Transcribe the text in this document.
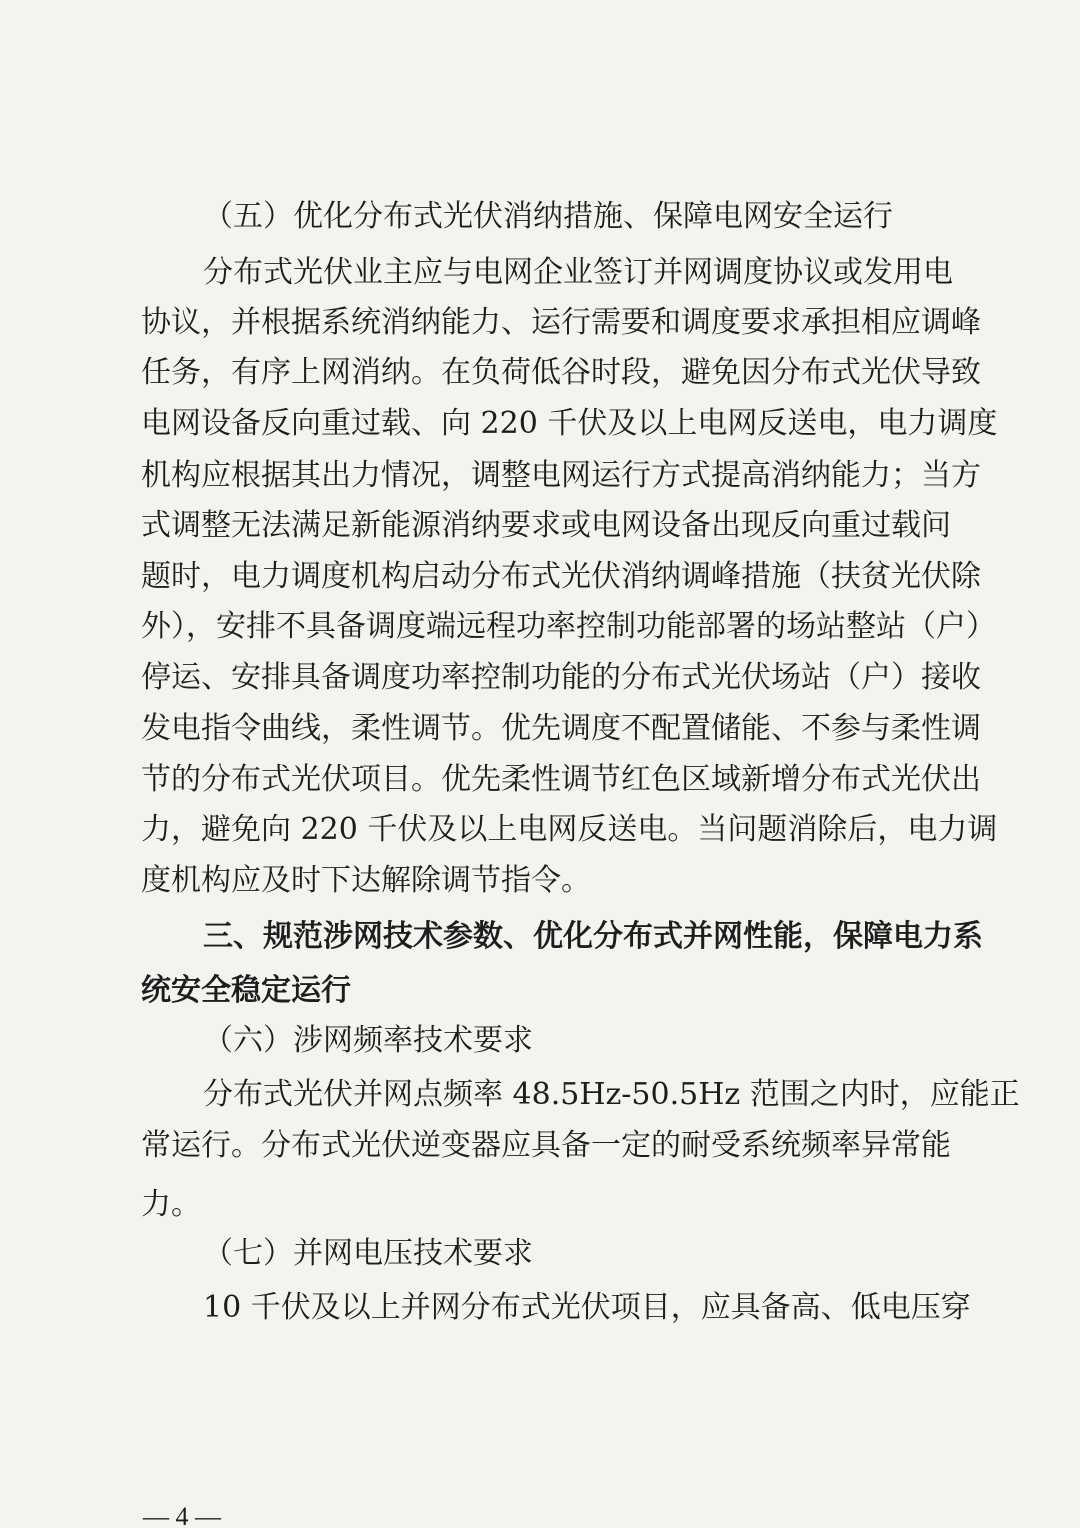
（五）优化分布式光伏消纳措施、保障电网安全运行
分布式光伏业主应与电网企业签订并网调度协议或发用电
协议，并根据系统消纳能力、运行需要和调度要求承担相应调峰
任务，有序上网消纳。在负荷低谷时段，避免因分布式光伏导致
电网设备反向重过载、向 220 千伏及以上电网反送电，电力调度
机构应根据其出力情况，调整电网运行方式提高消纳能力；当方
式调整无法满足新能源消纳要求或电网设备出现反向重过载问
题时，电力调度机构启动分布式光伏消纳调峰措施（扶贫光伏除
外），安排不具备调度端远程功率控制功能部署的场站整站（户）
停运、安排具备调度功率控制功能的分布式光伏场站（户）接收
发电指令曲线，柔性调节。优先调度不配置储能、不参与柔性调
节的分布式光伏项目。优先柔性调节红色区域新增分布式光伏出
力，避免向 220 千伏及以上电网反送电。当问题消除后，电力调
度机构应及时下达解除调节指令。
三、规范涉网技术参数、优化分布式并网性能，保障电力系
统安全稳定运行
（六）涉网频率技术要求
分布式光伏并网点频率 48.5Hz-50.5Hz 范围之内时，应能正
常运行。分布式光伏逆变器应具备一定的耐受系统频率异常能
力。
（七）并网电压技术要求
10 千伏及以上并网分布式光伏项目，应具备高、低电压穿
— 4 —
